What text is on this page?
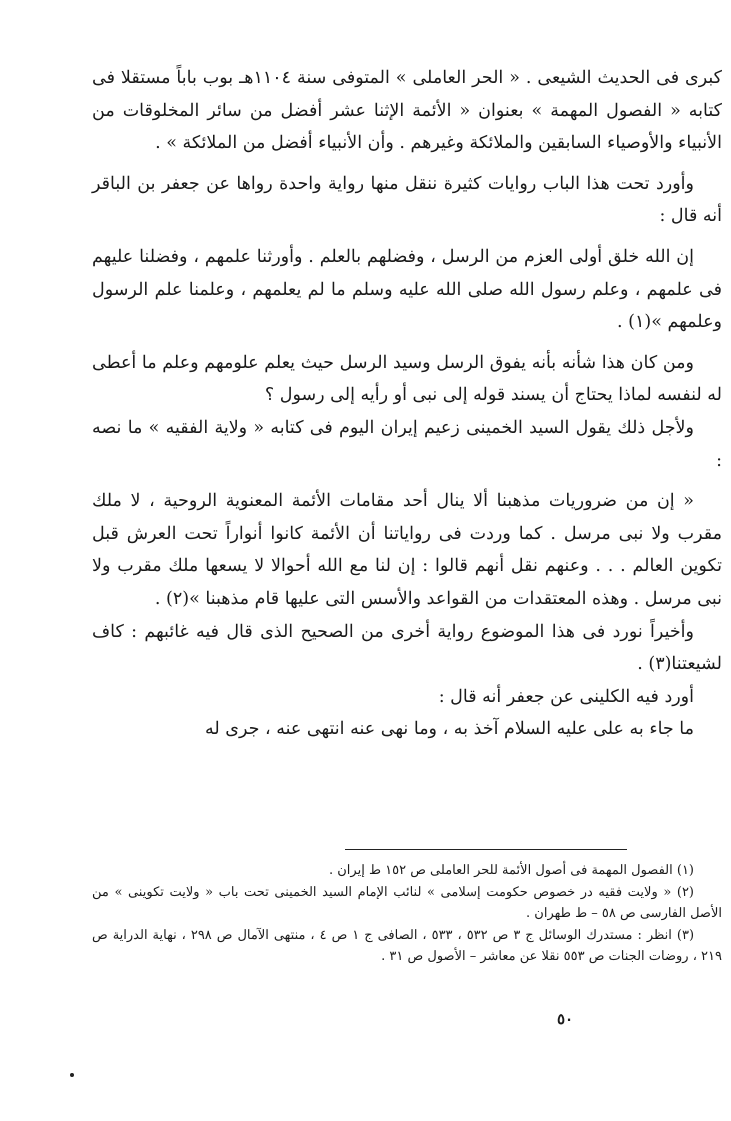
كبرى فى الحديث الشيعى . « الحر العاملى » المتوفى سنة ١١٠٤هـ بوب باباً مستقلا فى كتابه « الفصول المهمة » بعنوان « الأئمة الإثنا عشر أفضل من سائر المخلوقات من الأنبياء والأوصياء السابقين والملائكة وغيرهم . وأن الأنبياء أفضل من الملائكة » .

وأورد تحت هذا الباب روايات كثيرة ننقل منها رواية واحدة رواها عن جعفر بن الباقر أنه قال :

إن الله خلق أولى العزم من الرسل ، وفضلهم بالعلم . وأورثنا علمهم ، وفضلنا عليهم فى علمهم ، وعلم رسول الله صلى الله عليه وسلم ما لم يعلمهم ، وعلمنا علم الرسول وعلمهم »(١) .

ومن كان هذا شأنه بأنه يفوق الرسل وسيد الرسل حيث يعلم علومهم وعلم ما أعطى له لنفسه لماذا يحتاج أن يسند قوله إلى نبى أو رأيه إلى رسول ؟

ولأجل ذلك يقول السيد الخمينى زعيم إيران اليوم فى كتابه « ولاية الفقيه » ما نصه :

« إن من ضروريات مذهبنا ألا ينال أحد مقامات الأئمة المعنوية الروحية ، لا ملك مقرب ولا نبى مرسل . كما وردت فى رواياتنا أن الأئمة كانوا أنواراً تحت العرش قبل تكوين العالم . . . وعنهم نقل أنهم قالوا : إن لنا مع الله أحوالا لا يسعها ملك مقرب ولا نبى مرسل . وهذه المعتقدات من القواعد والأسس التى عليها قام مذهبنا »(٢) .

وأخيراً نورد فى هذا الموضوع رواية أخرى من الصحيح الذى قال فيه غائبهم : كاف لشيعتنا(٣) .

أورد فيه الكلينى عن جعفر أنه قال :

ما جاء به على عليه السلام آخذ به ، وما نهى عنه انتهى عنه ، جرى له

(١) الفصول المهمة فى أصول الأئمة للحر العاملى ص ١٥٢ ط إيران .

(٢) « ولايت فقيه در خصوص حكومت إسلامى » لنائب الإمام السيد الخمينى تحت باب « ولايت تكوينى » من الأصل الفارسى ص ٥٨ – ط طهران .

(٣) انظر : مستدرك الوسائل ج ٣ ص ٥٣٢ ، ٥٣٣ ، الصافى ج ١ ص ٤ ، منتهى الآمال ص ٢٩٨ ، نهاية الدراية ص ٢١٩ ، روضات الجنات ص ٥٥٣ نقلا عن معاشر – الأصول ص ٣١ .

٥٠
